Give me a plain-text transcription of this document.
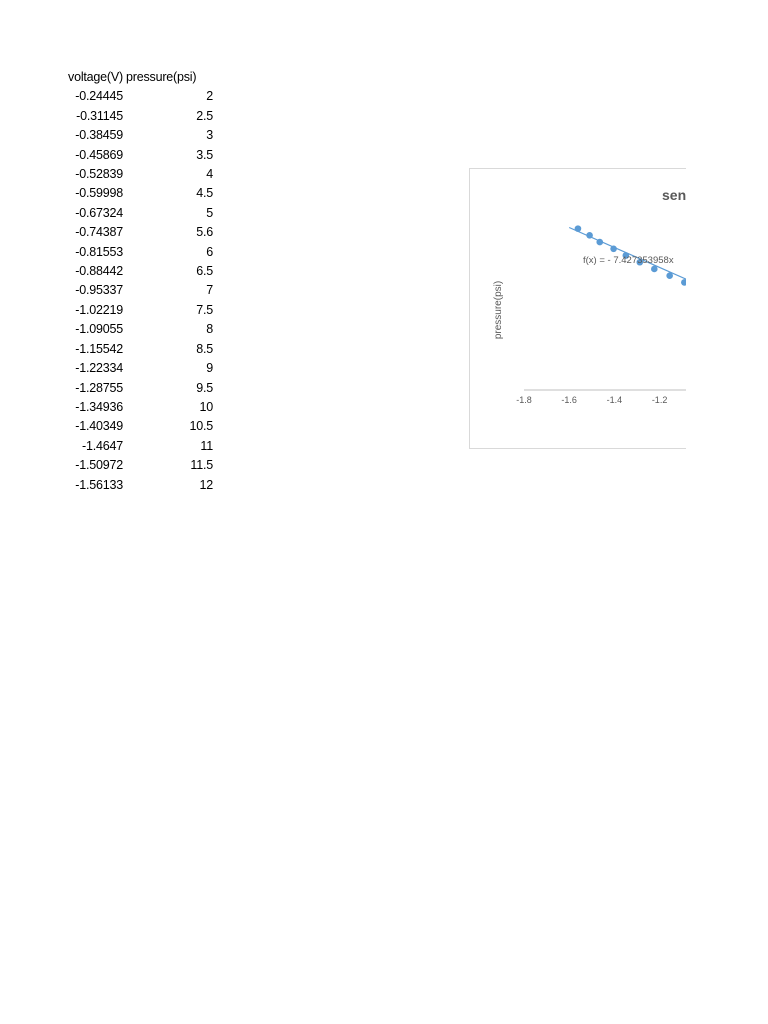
voltage(V)	pressure(psi)
-0.24445	2
-0.31145	2.5
-0.38459	3
-0.45869	3.5
-0.52839	4
-0.59998	4.5
-0.67324	5
-0.74387	5.6
-0.81553	6
-0.88442	6.5
-0.95337	7
-1.02219	7.5
-1.09055	8
-1.15542	8.5
-1.22334	9
-1.28755	9.5
-1.34936	10
-1.40349	10.5
-1.4647	11
-1.50972	11.5
-1.56133	12
-1.8	-1.6	-1.4	-1.2
sen
pressure(psi)
f(x) = - 7.427353958x
